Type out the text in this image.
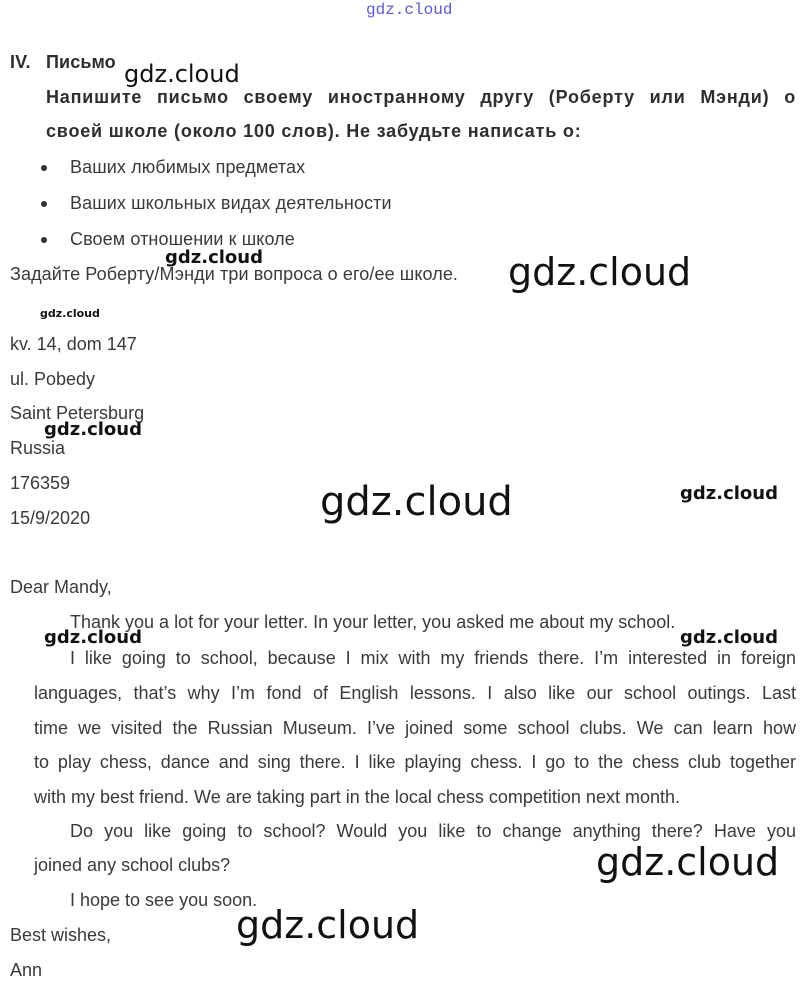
gdz.cloud
IV. Письмо
Напишите письмо своему иностранному другу (Роберту или Мэнди) о
своей школе (около 100 слов). Не забудьте написать о:
Ваших любимых предметах
Ваших школьных видах деятельности
Своем отношении к школе
Задайте Роберту/Мэнди три вопроса о его/ее школе.
kv. 14, dom 147
ul. Pobedy
Saint Petersburg
Russia
176359
15/9/2020
Dear Mandy,
Thank you a lot for your letter. In your letter, you asked me about my school.
I like going to school, because I mix with my friends there. I’m interested in foreign
languages, that’s why I’m fond of English lessons. I also like our school outings. Last
time we visited the Russian Museum. I’ve joined some school clubs. We can learn how
to play chess, dance and sing there. I like playing chess. I go to the chess club together
with my best friend. We are taking part in the local chess competition next month.
Do you like going to school? Would you like to change anything there? Have you
joined any school clubs?
I hope to see you soon.
Best wishes,
Ann
gdz.cloud
gdz.cloud
gdz.cloud
gdz.cloud
gdz.cloud
gdz.cloud	gdz.cloud
gdz.cloud	gdz.cloud
gdz.cloud
gdz.cloud
